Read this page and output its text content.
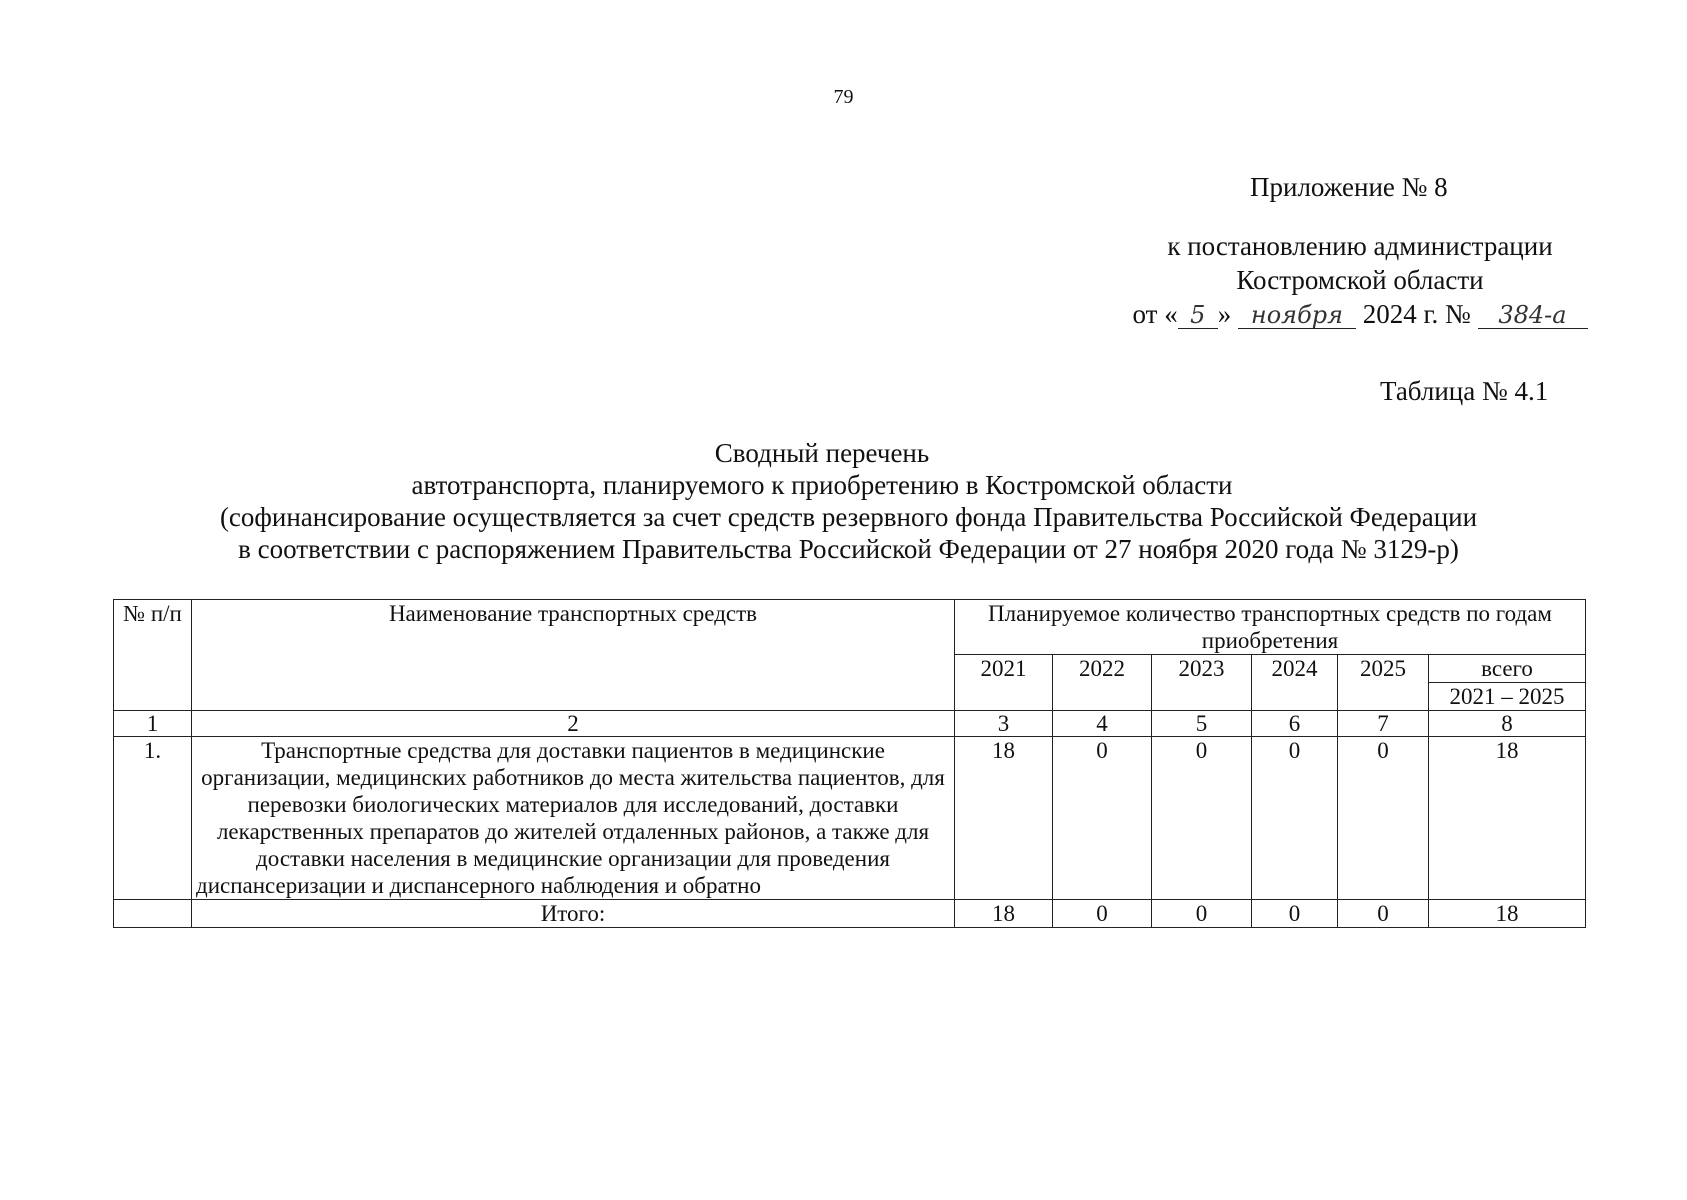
79
Приложение № 8
к постановлению администрации
Костромской области
от « 5 » ноября 2024 г. № 384-а
Таблица № 4.1
Сводный перечень
автотранспорта, планируемого к приобретению в Костромской области
(софинансирование осуществляется за счет средств резервного фонда Правительства Российской Федерации
в соответствии с распоряжением Правительства Российской Федерации от 27 ноября 2020 года № 3129-р)
№ п/п	Наименование транспортных средств	Планируемое количество транспортных средств по годам приобретения					
		2021	2022	2023	2024	2025	всего
							2021 – 2025
1	2	3	4	5	6	7	8
1.	Транспортные средства для доставки пациентов в медицинские организации, медицинских работников до места жительства пациентов, для перевозки биологических материалов для исследований, доставки лекарственных препаратов до жителей отдаленных районов, а также для доставки населения в медицинские организации для проведения диспансеризации и диспансерного наблюдения и обратно	18	0	0	0	0	18
	Итого:	18	0	0	0	0	18
